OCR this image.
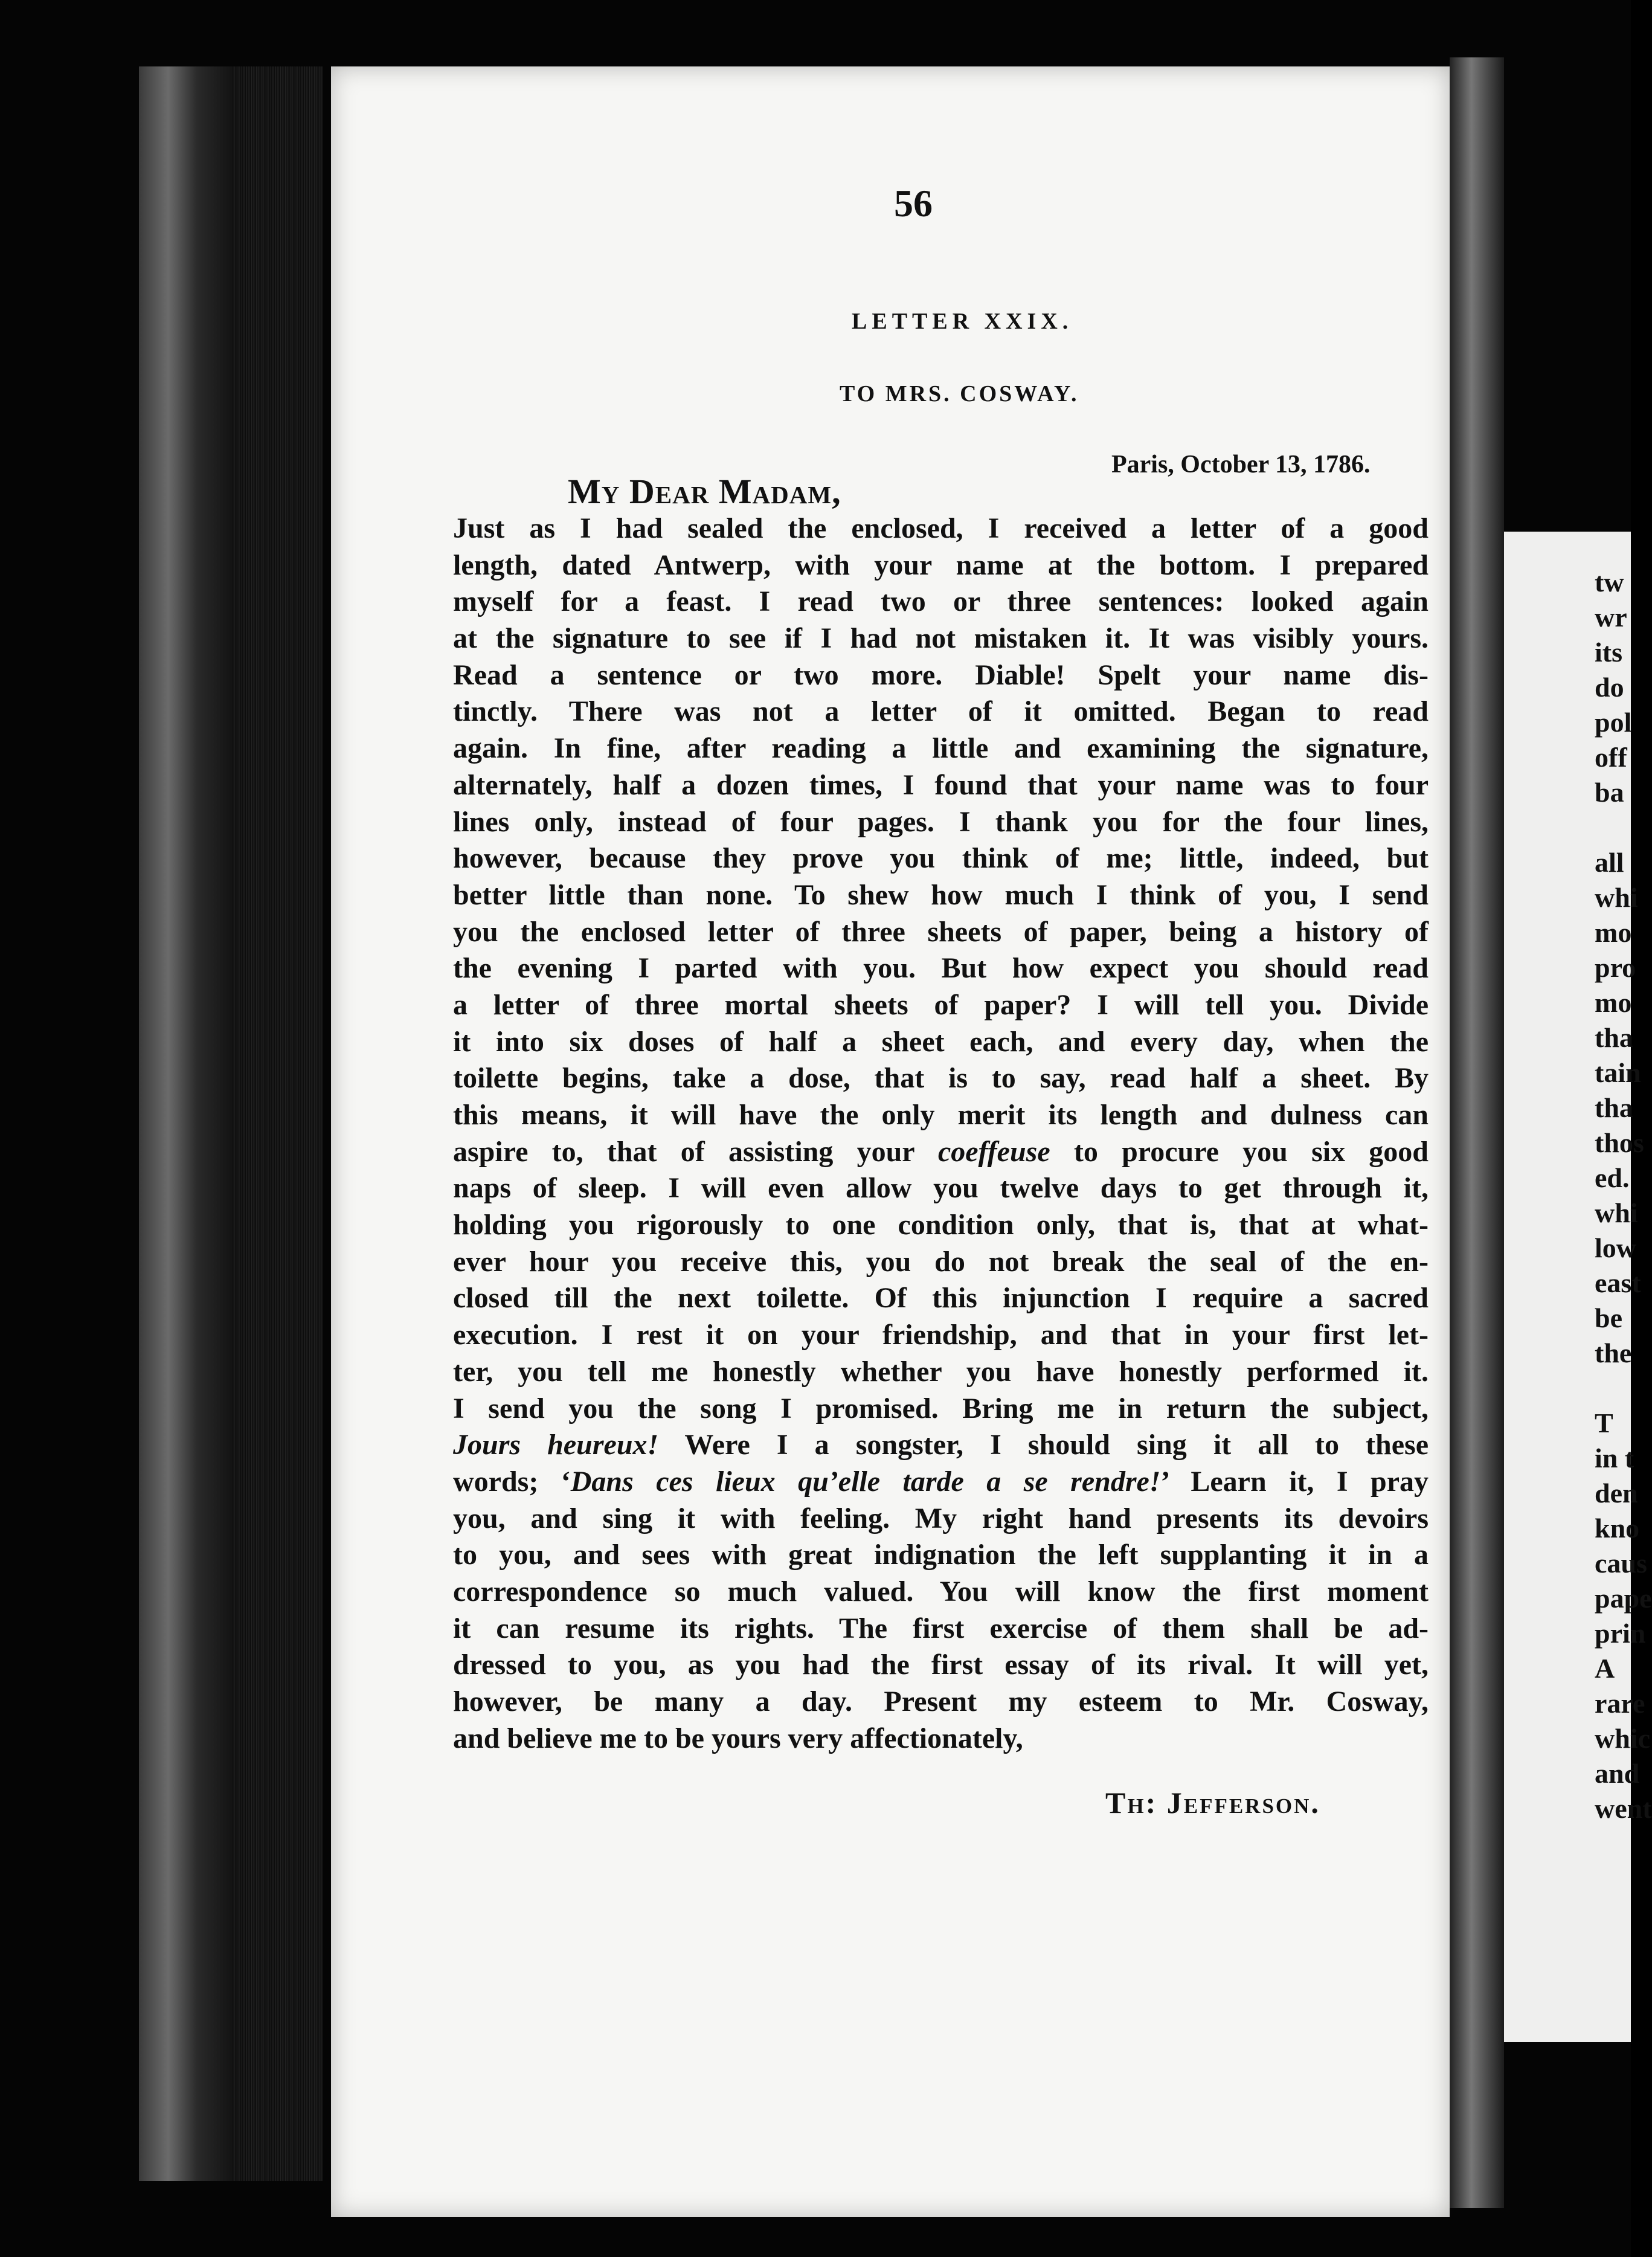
56
LETTER XXIX.
TO MRS. COSWAY.
Paris, October 13, 1786.
My Dear Madam,
Just as I had sealed the enclosed, I received a letter of a good
length, dated Antwerp, with your name at the bottom. I prepared
myself for a feast. I read two or three sentences: looked again
at the signature to see if I had not mistaken it. It was visibly yours.
Read a sentence or two more. Diable! Spelt your name dis-
tinctly. There was not a letter of it omitted. Began to read
again. In fine, after reading a little and examining the signature,
alternately, half a dozen times, I found that your name was to four
lines only, instead of four pages. I thank you for the four lines,
however, because they prove you think of me; little, indeed, but
better little than none. To shew how much I think of you, I send
you the enclosed letter of three sheets of paper, being a history of
the evening I parted with you. But how expect you should read
a letter of three mortal sheets of paper? I will tell you. Divide
it into six doses of half a sheet each, and every day, when the
toilette begins, take a dose, that is to say, read half a sheet. By
this means, it will have the only merit its length and dulness can
aspire to, that of assisting your coeffeuse to procure you six good
naps of sleep. I will even allow you twelve days to get through it,
holding you rigorously to one condition only, that is, that at what-
ever hour you receive this, you do not break the seal of the en-
closed till the next toilette. Of this injunction I require a sacred
execution. I rest it on your friendship, and that in your first let-
ter, you tell me honestly whether you have honestly performed it.
I send you the song I promised. Bring me in return the subject,
Jours heureux! Were I a songster, I should sing it all to these
words; ‘Dans ces lieux qu’elle tarde a se rendre!’ Learn it, I pray
you, and sing it with feeling. My right hand presents its devoirs
to you, and sees with great indignation the left supplanting it in a
correspondence so much valued. You will know the first moment
it can resume its rights. The first exercise of them shall be ad-
dressed to you, as you had the first essay of its rival. It will yet,
however, be many a day. Present my esteem to Mr. Cosway,
and believe me to be yours very affectionately,
Th: Jefferson.
tw
wr
its
do
pol
off
ba
all
whi
mo
pro
mo
tha
tain
tha
thos
ed.
whi
low
east
be
the
T
in t
den
kno
caus
pape
prin
A
rare
whic
and
went
